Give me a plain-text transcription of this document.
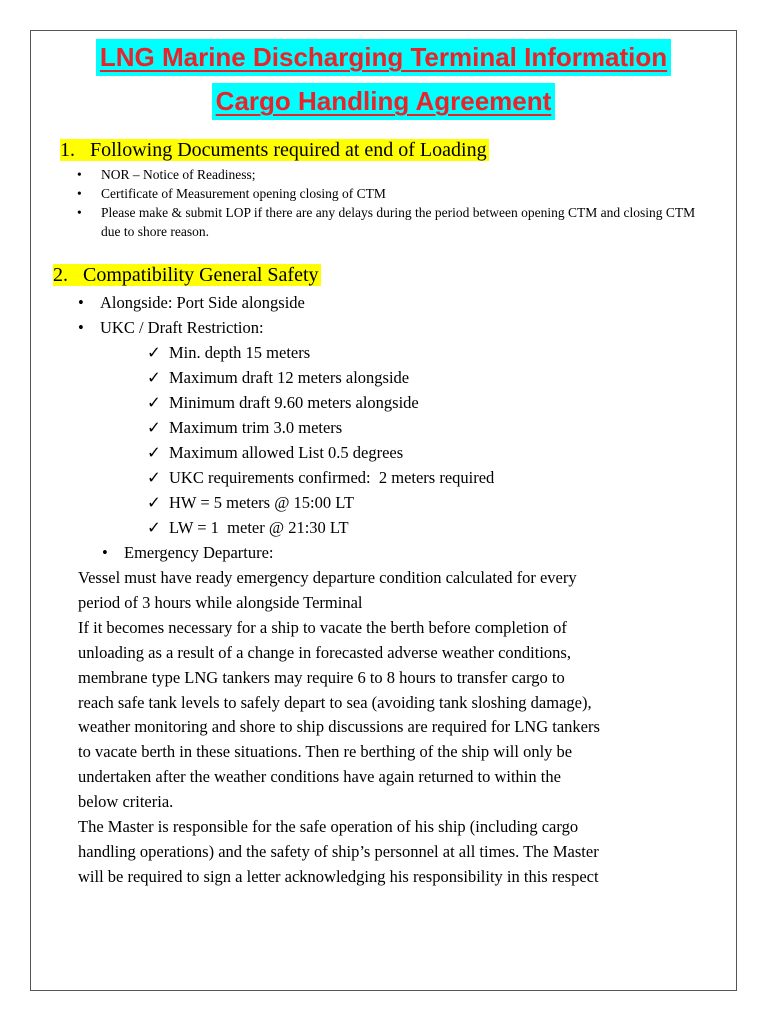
LNG Marine Discharging Terminal Information
Cargo Handling Agreement
1.   Following Documents required at end of Loading
• NOR – Notice of Readiness;
• Certificate of Measurement opening closing of CTM
• Please make & submit LOP if there are any delays during the period between opening CTM and closing CTM due to shore reason.
2.   Compatibility General Safety
• Alongside: Port Side alongside
• UKC / Draft Restriction:
✓ Min. depth 15 meters
✓ Maximum draft 12 meters alongside
✓ Minimum draft 9.60 meters alongside
✓ Maximum trim 3.0 meters
✓ Maximum allowed List 0.5 degrees
✓ UKC requirements confirmed:  2 meters required
✓ HW = 5 meters @ 15:00 LT
✓ LW = 1  meter @ 21:30 LT
• Emergency Departure:
Vessel must have ready emergency departure condition calculated for every
period of 3 hours while alongside Terminal
If it becomes necessary for a ship to vacate the berth before completion of
unloading as a result of a change in forecasted adverse weather conditions,
membrane type LNG tankers may require 6 to 8 hours to transfer cargo to
reach safe tank levels to safely depart to sea (avoiding tank sloshing damage),
weather monitoring and shore to ship discussions are required for LNG tankers
to vacate berth in these situations. Then re berthing of the ship will only be
undertaken after the weather conditions have again returned to within the
below criteria.
The Master is responsible for the safe operation of his ship (including cargo
handling operations) and the safety of ship’s personnel at all times. The Master
will be required to sign a letter acknowledging his responsibility in this respect
